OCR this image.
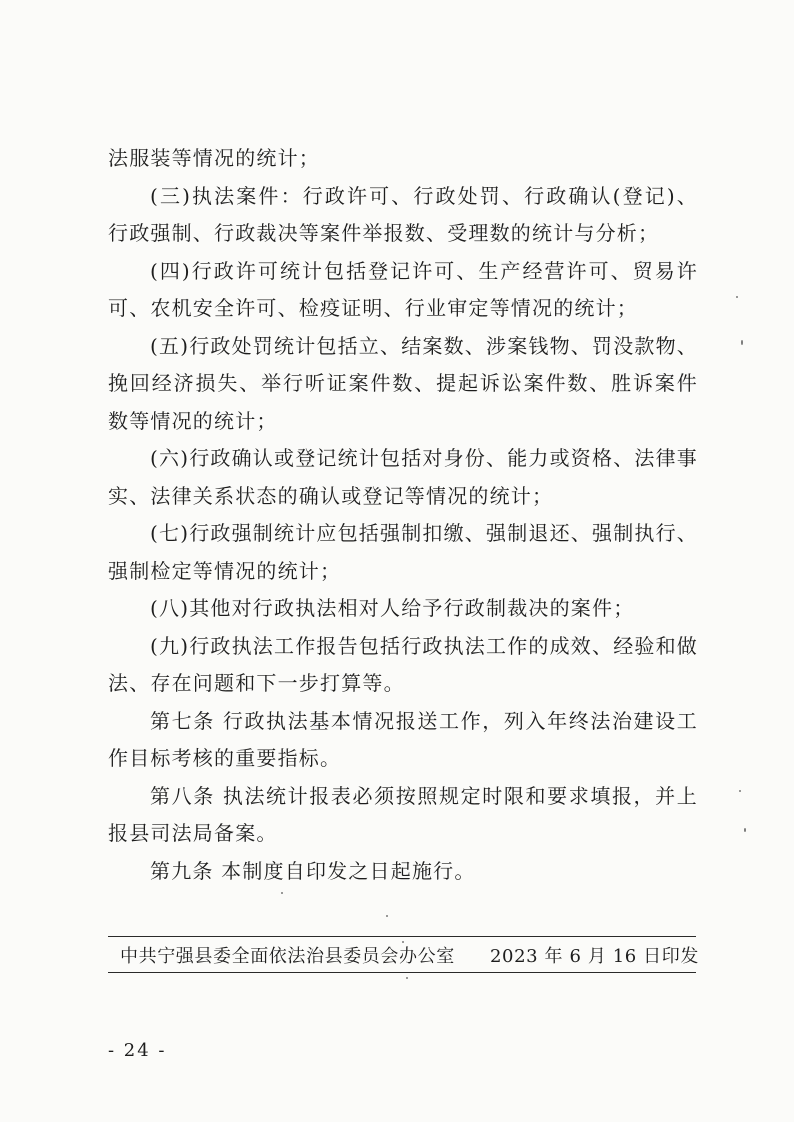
法服装等情况的统计；

(三)执法案件：行政许可、行政处罚、行政确认(登记)、 行政强制、行政裁决等案件举报数、受理数的统计与分析；

(四)行政许可统计包括登记许可、生产经营许可、贸易许可、农机安全许可、检疫证明、行业审定等情况的统计；

(五)行政处罚统计包括立、结案数、涉案钱物、罚没款物、挽回经济损失、举行听证案件数、提起诉讼案件数、胜诉案件数等情况的统计；

(六)行政确认或登记统计包括对身份、能力或资格、法律事实、法律关系状态的确认或登记等情况的统计；

(七)行政强制统计应包括强制扣缴、强制退还、强制执行、强制检定等情况的统计；

(八)其他对行政执法相对人给予行政制裁决的案件；

(九)行政执法工作报告包括行政执法工作的成效、经验和做法、存在问题和下一步打算等。

第七条 行政执法基本情况报送工作，列入年终法治建设工作目标考核的重要指标。

第八条 执法统计报表必须按照规定时限和要求填报，并上报县司法局备案。

第九条 本制度自印发之日起施行。

中共宁强县委全面依法治县委员会办公室 2023 年 6 月 16 日印发
- 24 -
